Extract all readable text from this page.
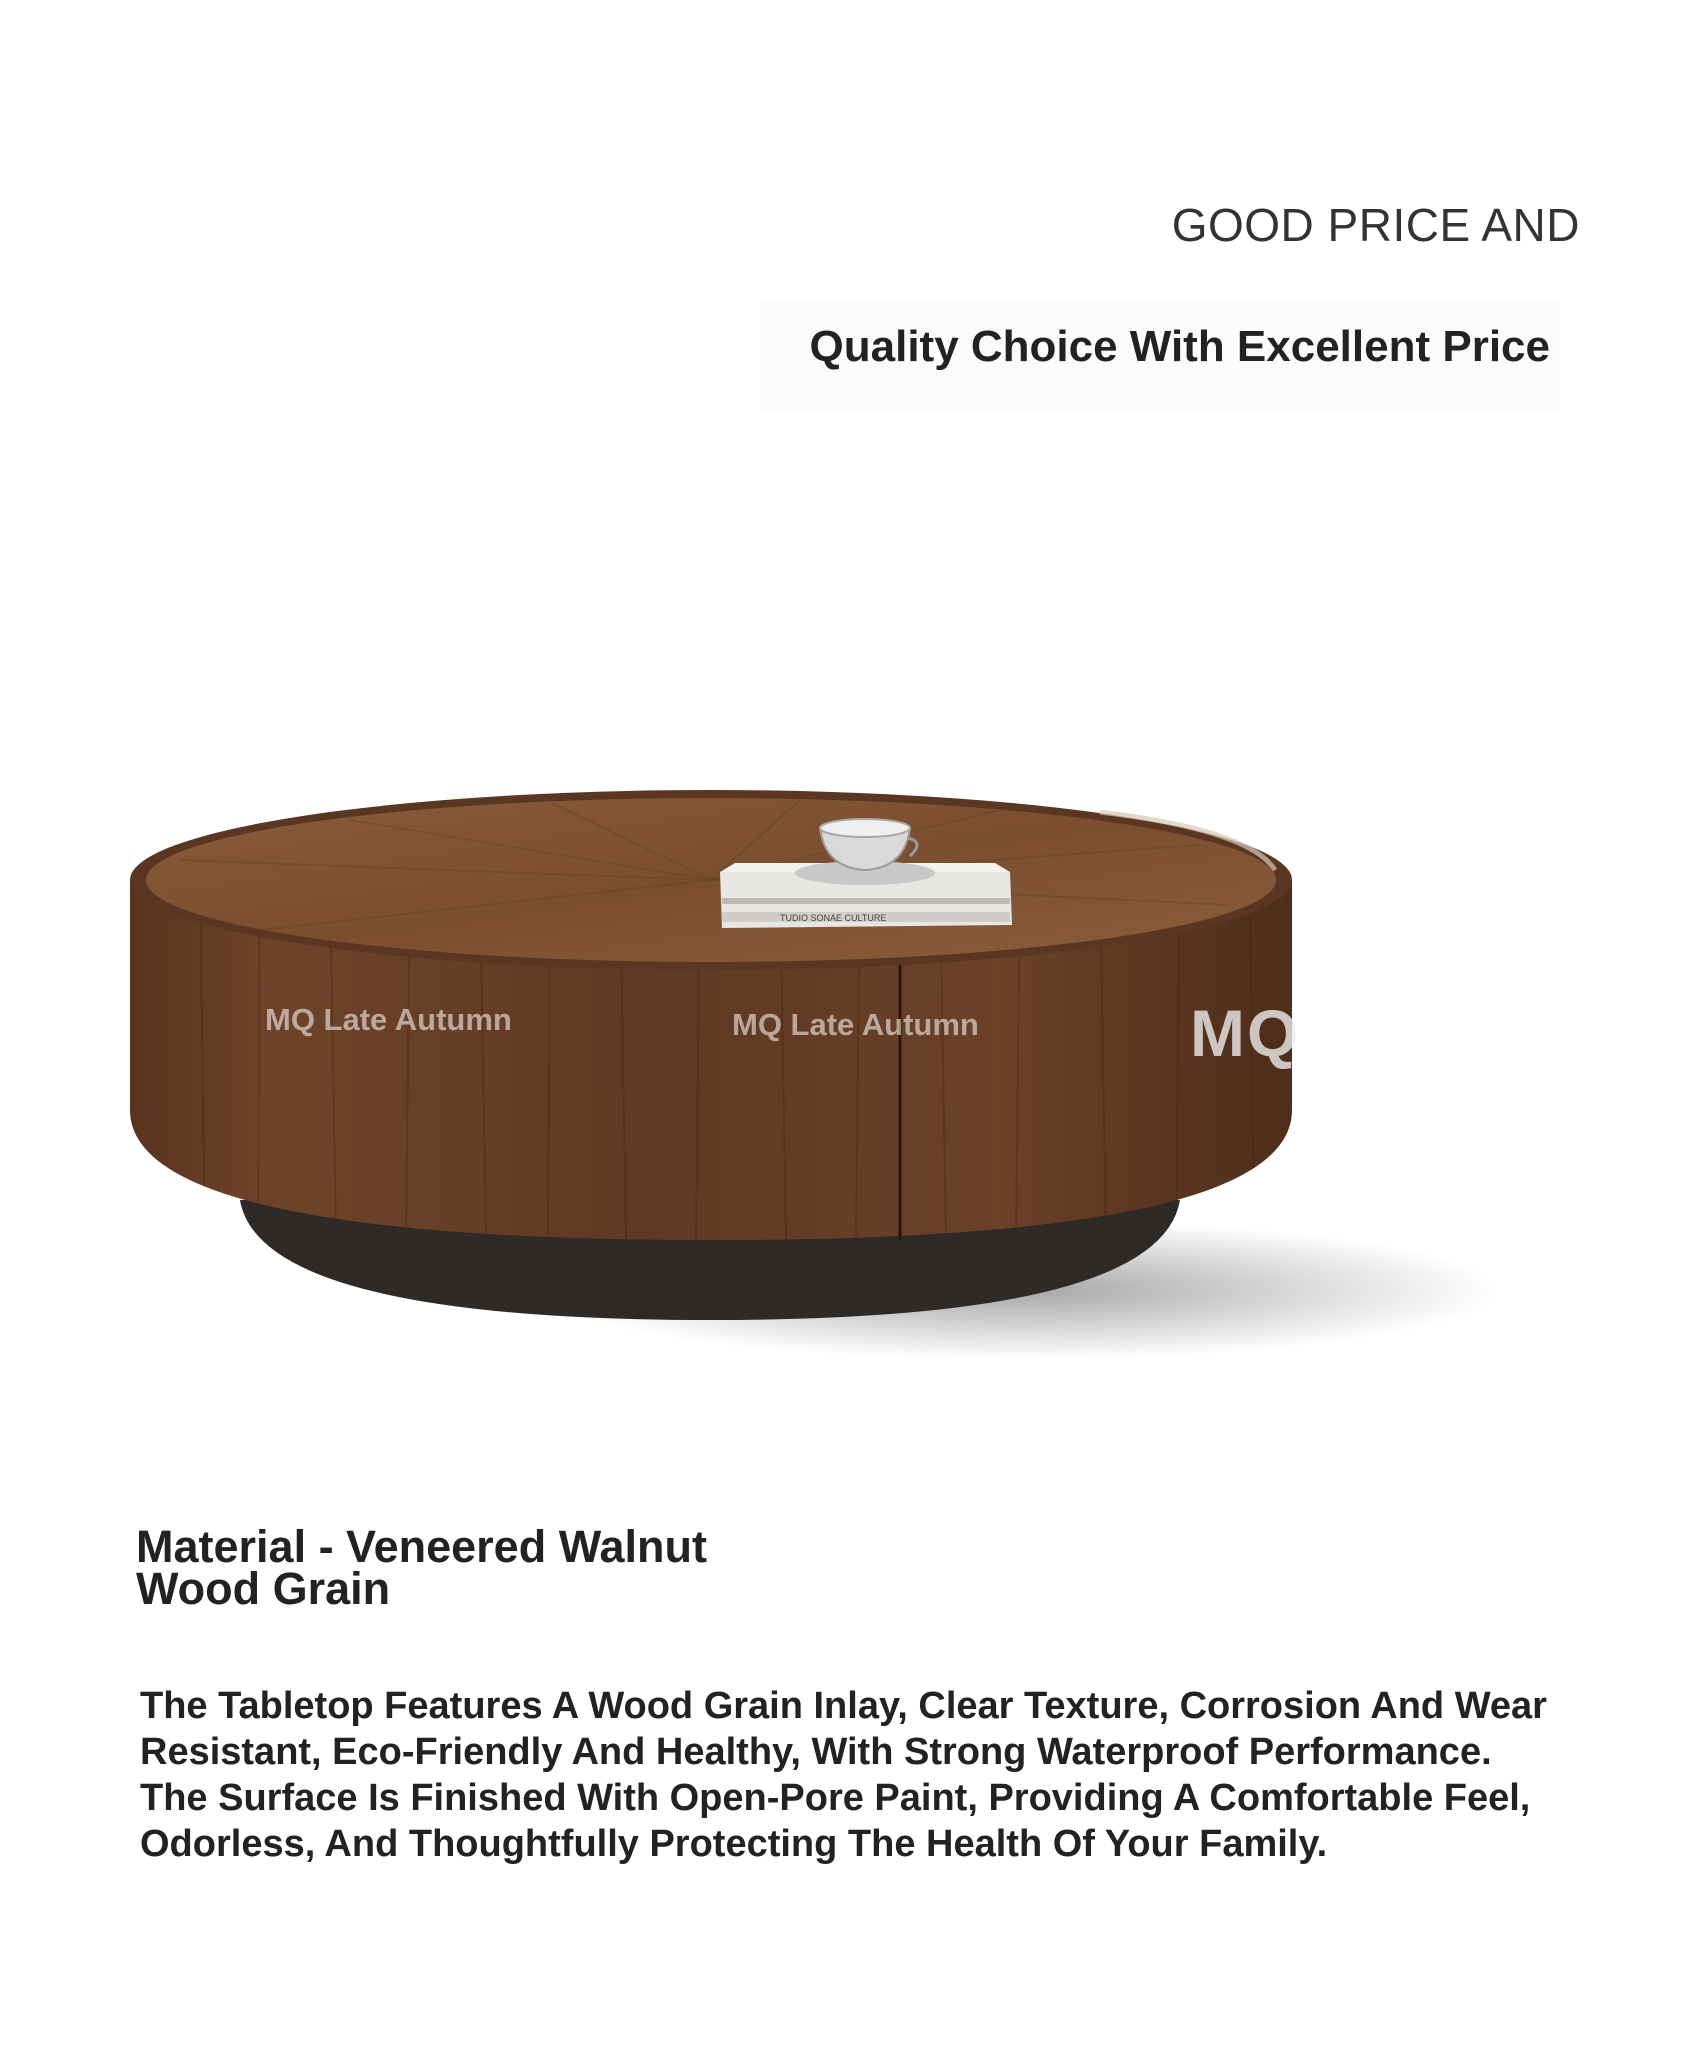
GOOD PRICE AND
Quality Choice With Excellent Price
TUDIO SONAE CULTURE
MQ Late Autumn	MQ Late Autumn	MQ
Material - Veneered Walnut Wood Grain
The Tabletop Features A Wood Grain Inlay, Clear Texture, Corrosion And Wear Resistant, Eco-Friendly And Healthy, With Strong Waterproof Performance. The Surface Is Finished With Open-Pore Paint, Providing A Comfortable Feel, Odorless, And Thoughtfully Protecting The Health Of Your Family.
